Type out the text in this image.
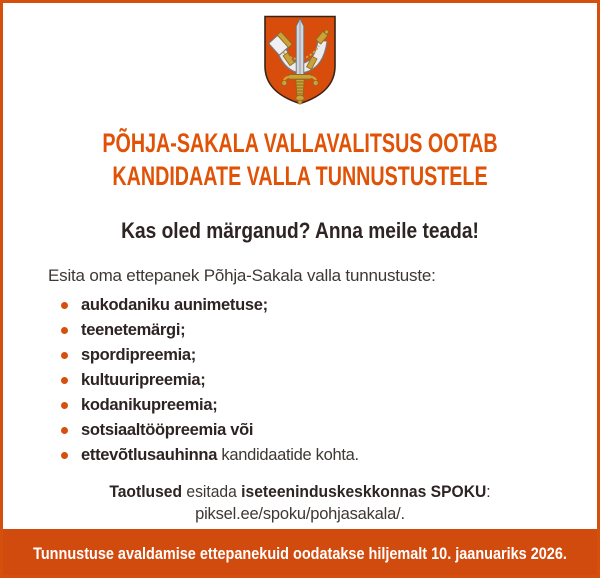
PÕHJA-SAKALA VALLAVALITSUS OOTAB
KANDIDAATE VALLA TUNNUSTUSTELE
Kas oled märganud? Anna meile teada!
Esita oma ettepanek Põhja-Sakala valla tunnustuste:
aukodaniku aunimetuse;
teenetemärgi;
spordipreemia;
kultuuripreemia;
kodanikupreemia;
sotsiaaltööpreemia või
ettevõtlusauhinna kandidaatide kohta.
Taotlused esitada iseteeninduskeskkonnas SPOKU:
piksel.ee/spoku/pohjasakala/.
Tunnustuse avaldamise ettepanekuid oodatakse hiljemalt 10. jaanuariks 2026.
